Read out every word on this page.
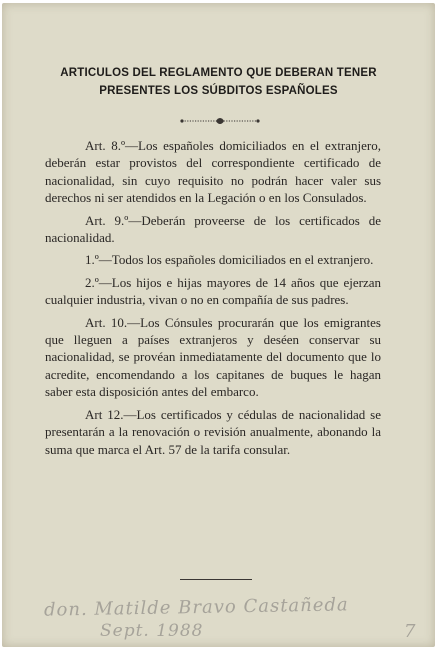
ARTICULOS DEL REGLAMENTO QUE DEBERAN TENER
PRESENTES LOS SÚBDITOS ESPAÑOLES

Art. 8.º—Los españoles domiciliados en el extranjero, deberán estar provistos del correspondiente certificado de nacionalidad, sin cuyo requisito no podrán hacer valer sus derechos ni ser atendidos en la Legación o en los Consulados.

Art. 9.º—Deberán proveerse de los certificados de nacionalidad.

1.º—Todos los españoles domiciliados en el extranjero.

2.º—Los hijos e hijas mayores de 14 años que ejerzan cualquier industria, vivan o no en compañía de sus padres.

Art. 10.—Los Cónsules procurarán que los emigrantes que lleguen a países extranjeros y deséen conservar su nacionalidad, se provéan inmediatamente del documento que lo acredite, encomendando a los capitanes de buques le hagan saber esta disposición antes del embarco.

Art 12.—Los certificados y cédulas de nacionalidad se presentarán a la renovación o revisión anualmente, abonando la suma que marca el Art. 57 de la tarifa consular.

don. Matilde Bravo Castañeda
Sept. 1988	7
